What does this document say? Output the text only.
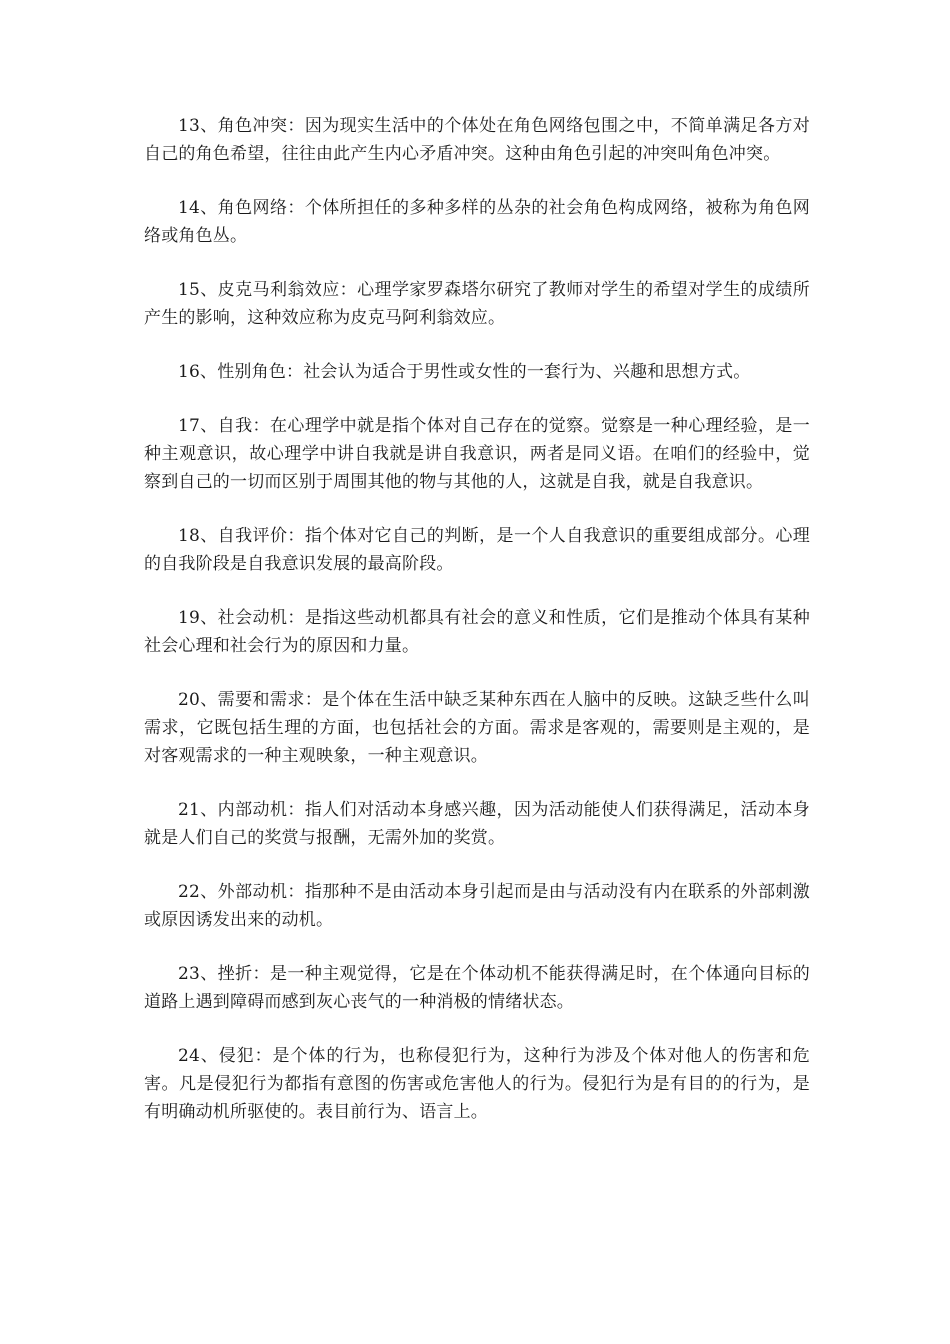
13、角色冲突：因为现实生活中的个体处在角色网络包围之中，不简单满足各方对自己的角色希望，往往由此产生内心矛盾冲突。这种由角色引起的冲突叫角色冲突。

14、角色网络：个体所担任的多种多样的丛杂的社会角色构成网络，被称为角色网络或角色丛。

15、皮克马利翁效应：心理学家罗森塔尔研究了教师对学生的希望对学生的成绩所产生的影响，这种效应称为皮克马阿利翁效应。

16、性别角色：社会认为适合于男性或女性的一套行为、兴趣和思想方式。

17、自我：在心理学中就是指个体对自己存在的觉察。觉察是一种心理经验，是一种主观意识，故心理学中讲自我就是讲自我意识，两者是同义语。在咱们的经验中，觉察到自己的一切而区别于周围其他的物与其他的人，这就是自我，就是自我意识。

18、自我评价：指个体对它自己的判断，是一个人自我意识的重要组成部分。心理的自我阶段是自我意识发展的最高阶段。

19、社会动机：是指这些动机都具有社会的意义和性质，它们是推动个体具有某种社会心理和社会行为的原因和力量。

20、需要和需求：是个体在生活中缺乏某种东西在人脑中的反映。这缺乏些什么叫需求，它既包括生理的方面，也包括社会的方面。需求是客观的，需要则是主观的，是对客观需求的一种主观映象，一种主观意识。

21、内部动机：指人们对活动本身感兴趣，因为活动能使人们获得满足，活动本身就是人们自己的奖赏与报酬，无需外加的奖赏。

22、外部动机：指那种不是由活动本身引起而是由与活动没有内在联系的外部刺激或原因诱发出来的动机。

23、挫折：是一种主观觉得，它是在个体动机不能获得满足时，在个体通向目标的道路上遇到障碍而感到灰心丧气的一种消极的情绪状态。

24、侵犯：是个体的行为，也称侵犯行为，这种行为涉及个体对他人的伤害和危害。凡是侵犯行为都指有意图的伤害或危害他人的行为。侵犯行为是有目的的行为，是有明确动机所驱使的。表目前行为、语言上。
